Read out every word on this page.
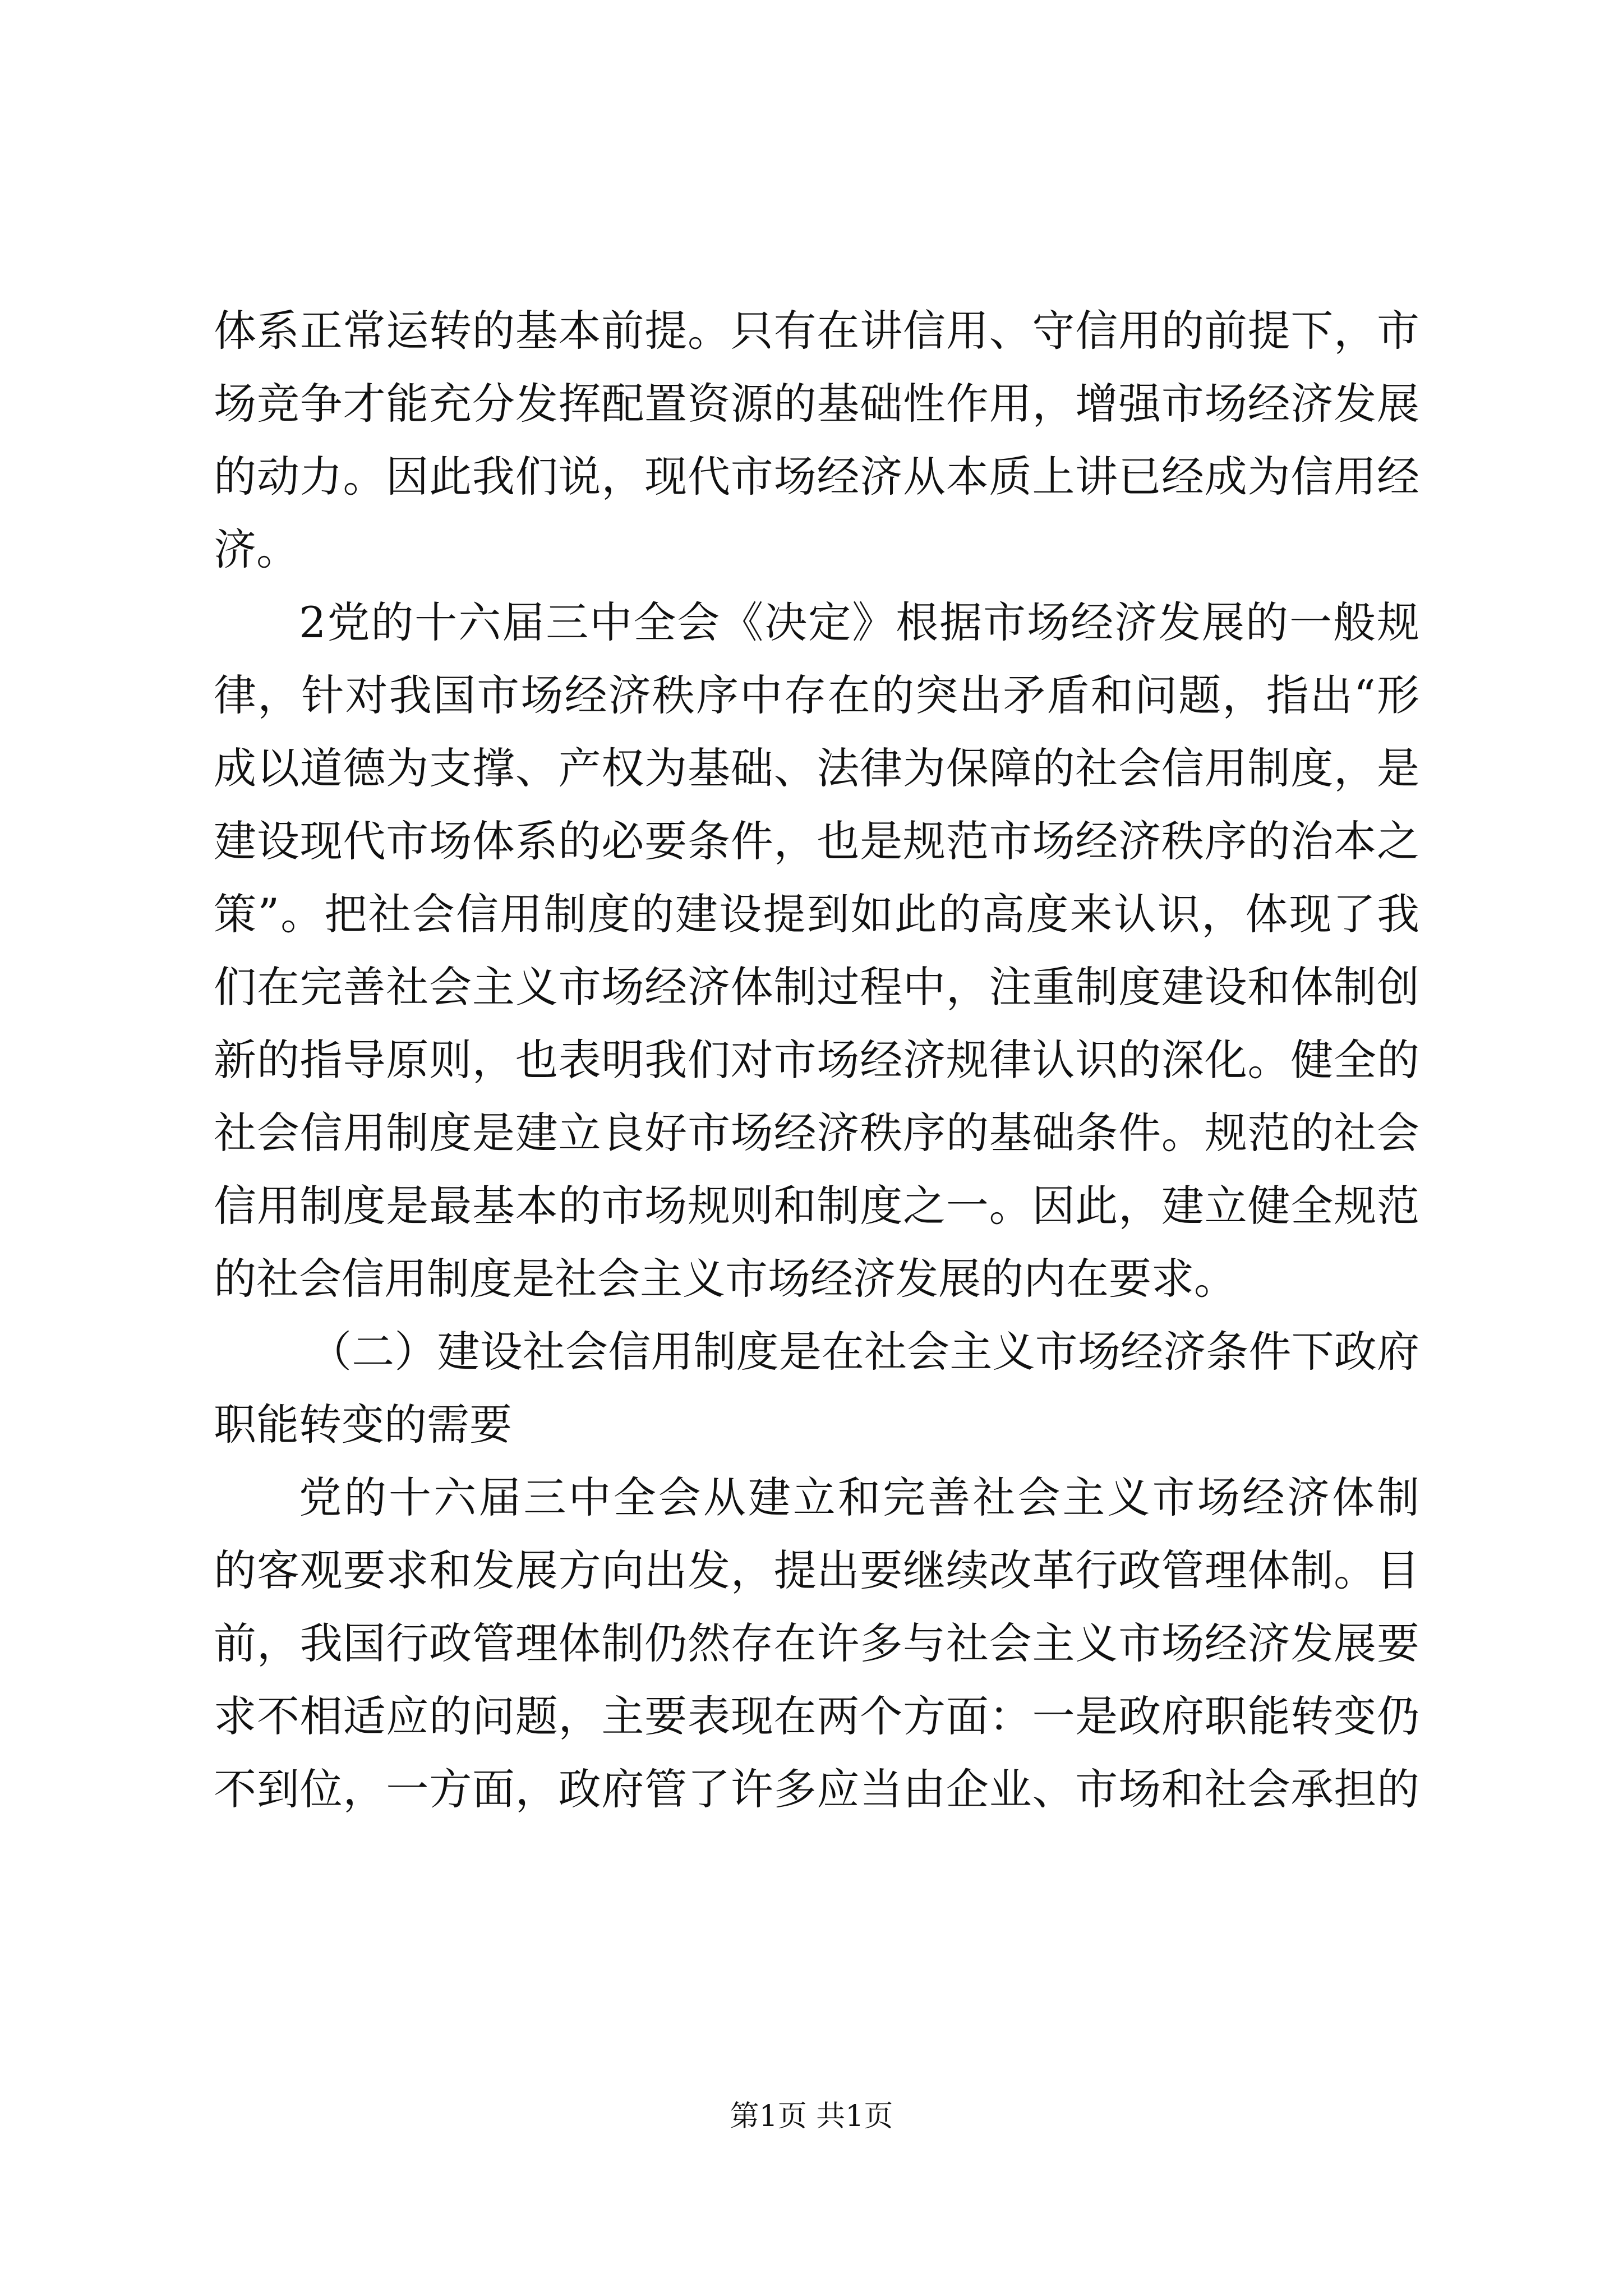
体系正常运转的基本前提。只有在讲信用、守信用的前提下，市
场竞争才能充分发挥配置资源的基础性作用，增强市场经济发展
的动力。因此我们说，现代市场经济从本质上讲已经成为信用经
济。
2党的十六届三中全会《决定》根据市场经济发展的一般规
律，针对我国市场经济秩序中存在的突出矛盾和问题，指出“形
成以道德为支撑、产权为基础、法律为保障的社会信用制度，是
建设现代市场体系的必要条件，也是规范市场经济秩序的治本之
策”。把社会信用制度的建设提到如此的高度来认识，体现了我
们在完善社会主义市场经济体制过程中，注重制度建设和体制创
新的指导原则，也表明我们对市场经济规律认识的深化。健全的
社会信用制度是建立良好市场经济秩序的基础条件。规范的社会
信用制度是最基本的市场规则和制度之一。因此，建立健全规范
的社会信用制度是社会主义市场经济发展的内在要求。
（二）建设社会信用制度是在社会主义市场经济条件下政府
职能转变的需要
党的十六届三中全会从建立和完善社会主义市场经济体制
的客观要求和发展方向出发，提出要继续改革行政管理体制。目
前，我国行政管理体制仍然存在许多与社会主义市场经济发展要
求不相适应的问题，主要表现在两个方面：一是政府职能转变仍
不到位，一方面，政府管了许多应当由企业、市场和社会承担的
第1页 共1页
